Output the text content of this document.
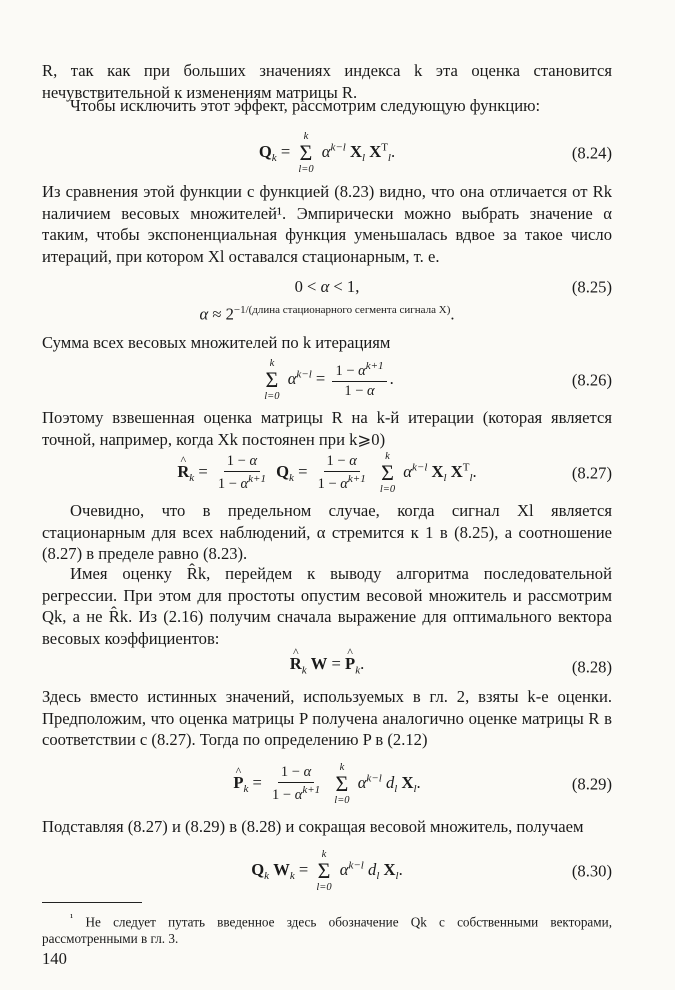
R, так как при больших значениях индекса k эта оценка становится нечувствительной к изменениям матрицы R.

Чтобы исключить этот эффект, рассмотрим следующую функцию:

$Q_k$ =
k
Σ
l=0
$\alpha^{k-l}$ $X_l$ $X^T_l$.	(8.24)

Из сравнения этой функции с функцией (8.23) видно, что она отличается от Rk наличием весовых множителей¹. Эмпирически можно выбрать значение α таким, чтобы экспоненциальная функция уменьшалась вдвое за такое число итераций, при котором Xl оставался стационарным, т. е.

0 < α < 1,	(8.25)
$\alpha \approx 2^{-1/(длина стационарного сегмента сигнала X)}$.

Сумма всех весовых множителей по k итерациям

k
Σ
l=0
$\alpha^{k-l} = \frac{1 - \alpha^{k+1}}{1 - \alpha}$ .	(8.26)

Поэтому взвешенная оценка матрицы R на k-й итерации (которая является точной, например, когда Xk постоянен при k⩾0)

^ $R_k = \frac{1 - \alpha}{1 - \alpha^{k+1}} Q_k = \frac{1 - \alpha}{1 - \alpha^{k+1}}$
k
Σ
l=0
$\alpha^{k-l}$ $X_l$ $X^T_l$.	(8.27)

Очевидно, что в предельном случае, когда сигнал Xl является стационарным для всех наблюдений, α стремится к 1 в (8.25), а соотношение (8.27) в пределе равно (8.23).

Имея оценку R̂k, перейдем к выводу алгоритма последовательной регрессии. При этом для простоты опустим весовой множитель и рассмотрим Qk, а не R̂k. Из (2.16) получим сначала выражение для оптимального вектора весовых коэффициентов:

^ $R_k$ W = ^ $P_k$.	(8.28)

Здесь вместо истинных значений, используемых в гл. 2, взяты k-е оценки. Предположим, что оценка матрицы P получена аналогично оценке матрицы R в соответствии с (8.27). Тогда по определению P в (2.12)

^ $P_k = \frac{1 - \alpha}{1 - \alpha^{k+1}}$
k
Σ
l=0
$\alpha^{k-l}$ $d_l$ $X_l$.	(8.29)

Подставляя (8.27) и (8.29) в (8.28) и сокращая весовой множитель, получаем

$Q_k$ $W_k$ =
k
Σ
l=0
$\alpha^{k-l}$ $d_l$ $X_l$.	(8.30)

$^{^1}$ Не следует путать введенное здесь обозначение Qk с собственными векторами, рассмотренными в гл. 3.

140
